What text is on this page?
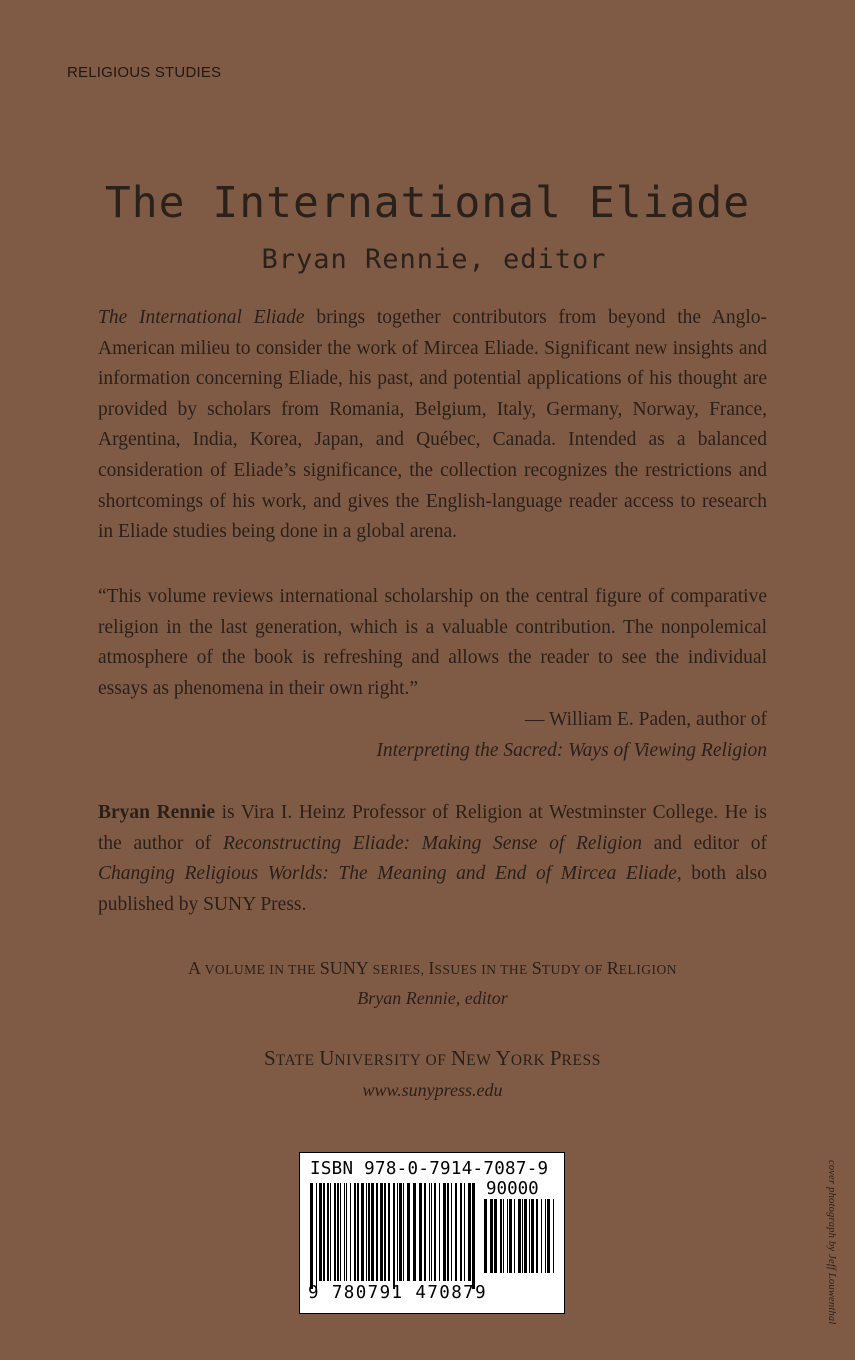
RELIGIOUS STUDIES
The International Eliade
Bryan Rennie, editor

The International Eliade brings together contributors from beyond the Anglo-American milieu to consider the work of Mircea Eliade. Significant new insights and information concerning Eliade, his past, and potential applications of his thought are provided by scholars from Romania, Belgium, Italy, Germany, Norway, France, Argentina, India, Korea, Japan, and Québec, Canada. Intended as a balanced consideration of Eliade’s significance, the collection recognizes the restrictions and shortcomings of his work, and gives the English-language reader access to research in Eliade studies being done in a global arena.

“This volume reviews international scholarship on the central figure of comparative religion in the last generation, which is a valuable contribution. The nonpolemical atmosphere of the book is refreshing and allows the reader to see the individual essays as phenomena in their own right.”

— William E. Paden, author of
Interpreting the Sacred: Ways of Viewing Religion

Bryan Rennie is Vira I. Heinz Professor of Religion at Westminster College. He is the author of Reconstructing Eliade: Making Sense of Religion and editor of Changing Religious Worlds: The Meaning and End of Mircea Eliade, both also published by SUNY Press.

A VOLUME IN THE SUNY SERIES, ISSUES IN THE STUDY OF RELIGION
Bryan Rennie, editor
STATE UNIVERSITY OF NEW YORK PRESS
www.sunypress.edu
ISBN 978-0-7914-7087-9
90000
9 780791 470879	cover photograph by Jeff Louwenthal
